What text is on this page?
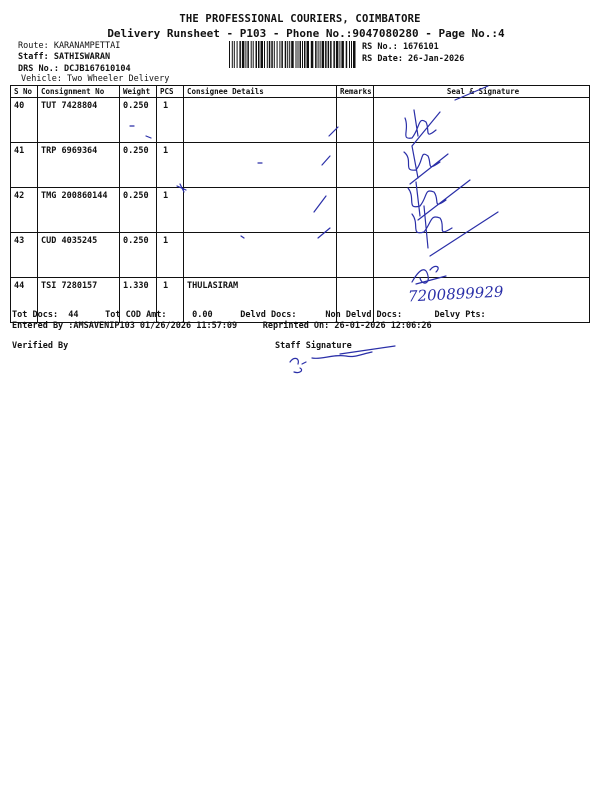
THE PROFESSIONAL COURIERS, COIMBATORE
Delivery Runsheet - P103 - Phone No.:9047080280 - Page No.:4
Route: KARANAMPETTAI
Staff: SATHISWARAN
DRS No.: DCJB167610104
Vehicle: Two Wheeler Delivery
RS No.: 1676101
RS Date: 26-Jan-2026
S No	Consignment No	Weight	PCS	Consignee Details	Remarks	Seal & Signature
40	TUT 7428804	0.250	1			
41	TRP 6969364	0.250	1			
42	TMG 200860144	0.250	1			
43	CUD 4035245	0.250	1			
44	TSI 7280157	1.330	1	THULASIRAM		
Tot Docs:  44	Tot COD Amt:     0.00	Delvd Docs:	Non Delvd Docs:	Delvy Pts:
Entered By :AMSAVENIP103 01/26/2026 11:57:09     Reprinted On: 26-01-2026 12:06:26
Verified By	Staff Signature
7200899929
